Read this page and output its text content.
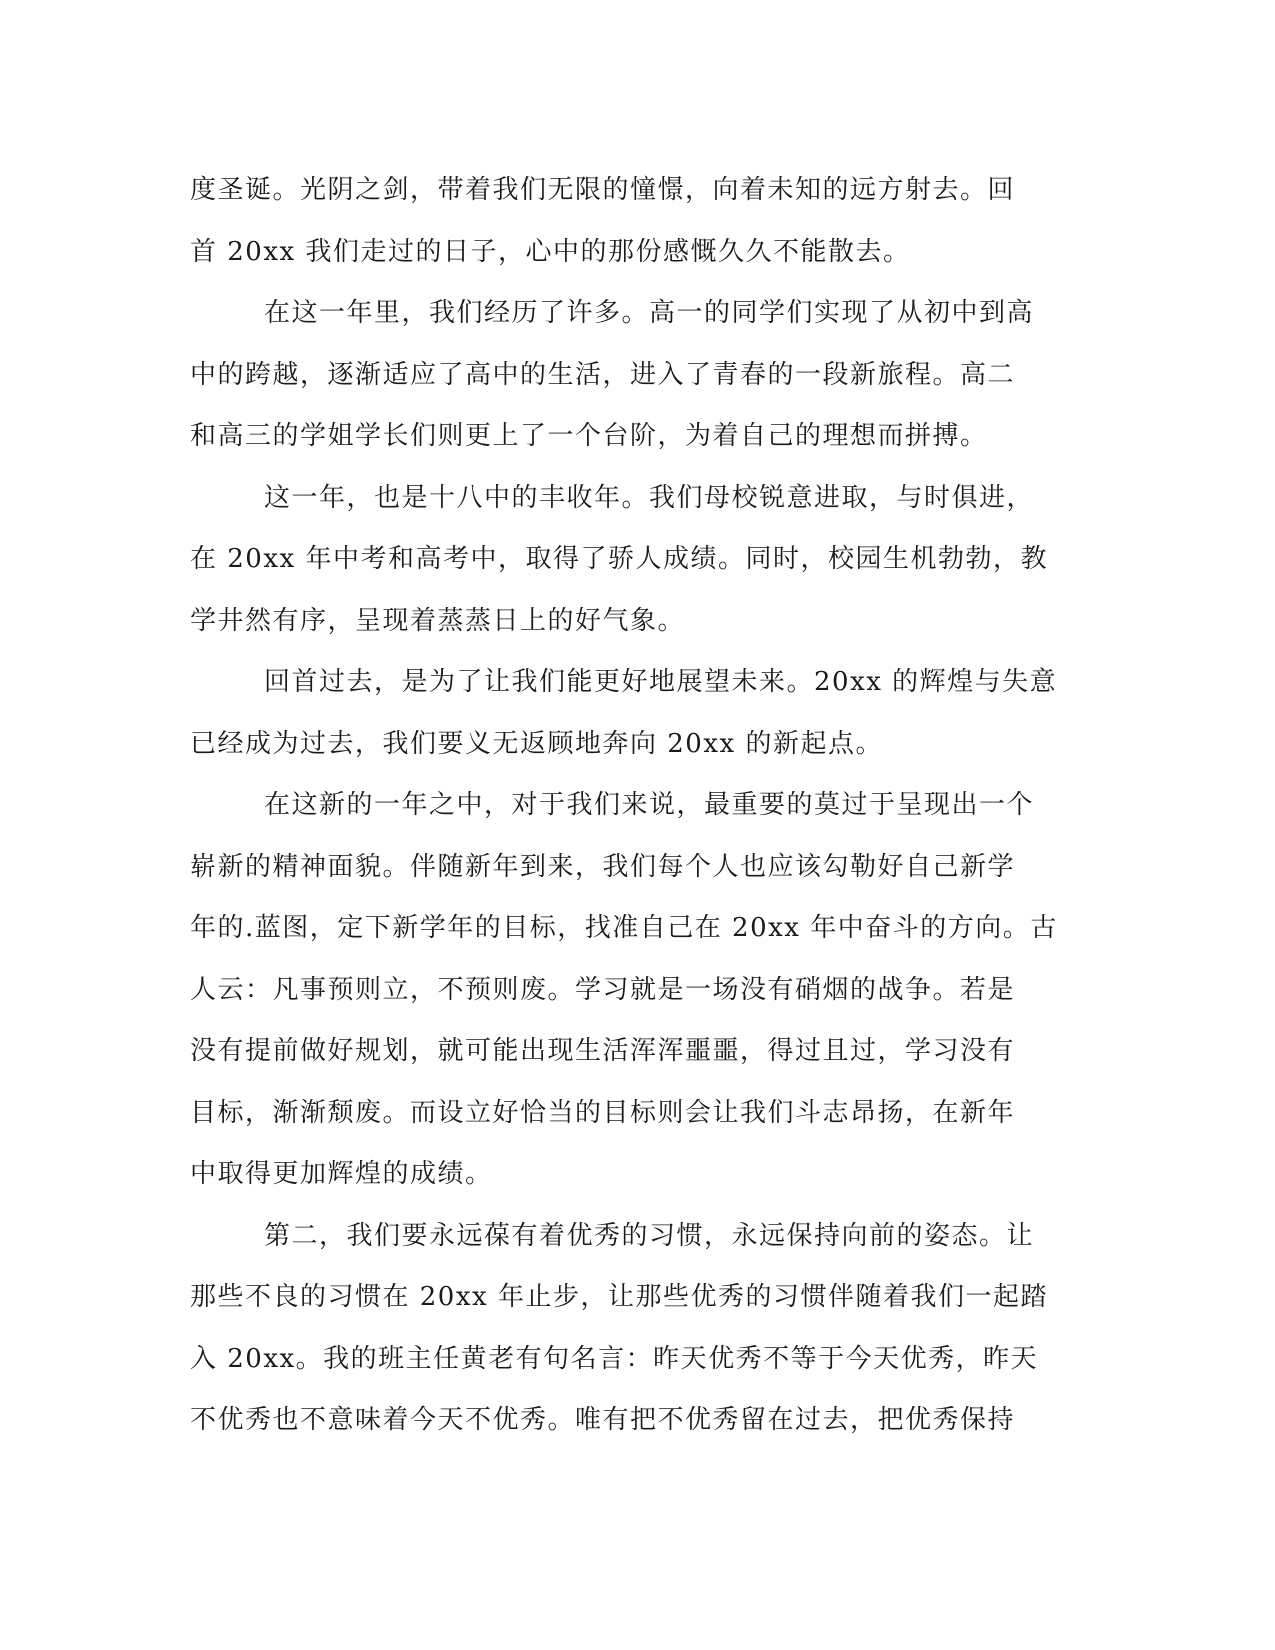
度圣诞。光阴之剑，带着我们无限的憧憬，向着未知的远方射去。回
首 20xx 我们走过的日子，心中的那份感慨久久不能散去。
在这一年里，我们经历了许多。高一的同学们实现了从初中到高
中的跨越，逐渐适应了高中的生活，进入了青春的一段新旅程。高二
和高三的学姐学长们则更上了一个台阶，为着自己的理想而拼搏。
这一年，也是十八中的丰收年。我们母校锐意进取，与时俱进，
在 20xx 年中考和高考中，取得了骄人成绩。同时，校园生机勃勃，教
学井然有序，呈现着蒸蒸日上的好气象。
回首过去，是为了让我们能更好地展望未来。20xx 的辉煌与失意
已经成为过去，我们要义无返顾地奔向 20xx 的新起点。
在这新的一年之中，对于我们来说，最重要的莫过于呈现出一个
崭新的精神面貌。伴随新年到来，我们每个人也应该勾勒好自己新学
年的.蓝图，定下新学年的目标，找准自己在 20xx 年中奋斗的方向。古
人云：凡事预则立，不预则废。学习就是一场没有硝烟的战争。若是
没有提前做好规划，就可能出现生活浑浑噩噩，得过且过，学习没有
目标，渐渐颓废。而设立好恰当的目标则会让我们斗志昂扬，在新年
中取得更加辉煌的成绩。
第二，我们要永远葆有着优秀的习惯，永远保持向前的姿态。让
那些不良的习惯在 20xx 年止步，让那些优秀的习惯伴随着我们一起踏
入 20xx。我的班主任黄老有句名言：昨天优秀不等于今天优秀，昨天
不优秀也不意味着今天不优秀。唯有把不优秀留在过去，把优秀保持
